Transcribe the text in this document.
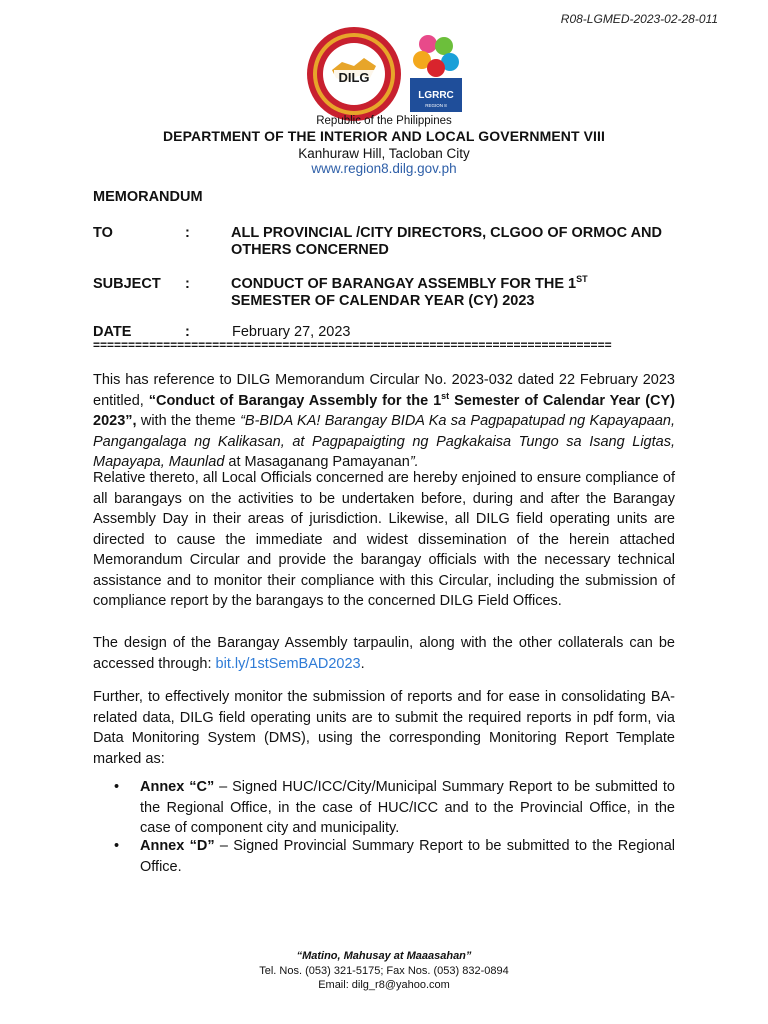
R08-LGMED-2023-02-28-011
DILG
LGRRC
REGION 8
Republic of the Philippines
DEPARTMENT OF THE INTERIOR AND LOCAL GOVERNMENT VIII
Kanhuraw Hill, Tacloban City
www.region8.dilg.gov.ph
MEMORANDUM
TO	:	ALL PROVINCIAL /CITY DIRECTORS, CLGOO OF ORMOC AND OTHERS CONCERNED
SUBJECT	:	CONDUCT OF BARANGAY ASSEMBLY FOR THE 1ST
SEMESTER OF CALENDAR YEAR (CY) 2023
DATE	:	February 27, 2023
==========================================================================
This has reference to DILG Memorandum Circular No. 2023-032 dated 22 February 2023 entitled, “Conduct of Barangay Assembly for the 1st Semester of Calendar Year (CY) 2023”, with the theme “B-BIDA KA! Barangay BIDA Ka sa Pagpapatupad ng Kapayapaan, Pangangalaga ng Kalikasan, at Pagpapaigting ng Pagkakaisa Tungo sa Isang Ligtas, Mapayapa, Maunlad at Masaganang Pamayanan”.
Relative thereto, all Local Officials concerned are hereby enjoined to ensure compliance of all barangays on the activities to be undertaken before, during and after the Barangay Assembly Day in their areas of jurisdiction. Likewise, all DILG field operating units are directed to cause the immediate and widest dissemination of the herein attached Memorandum Circular and provide the barangay officials with the necessary technical assistance and to monitor their compliance with this Circular, including the submission of compliance report by the barangays to the concerned DILG Field Offices.
The design of the Barangay Assembly tarpaulin, along with the other collaterals can be accessed through: bit.ly/1stSemBAD2023.
Further, to effectively monitor the submission of reports and for ease in consolidating BA-related data, DILG field operating units are to submit the required reports in pdf form, via Data Monitoring System (DMS), using the corresponding Monitoring Report Template marked as:
• Annex “C” – Signed HUC/ICC/City/Municipal Summary Report to be submitted to the Regional Office, in the case of HUC/ICC and to the Provincial Office, in the case of component city and municipality.
• Annex “D” – Signed Provincial Summary Report to be submitted to the Regional Office.
“Matino, Mahusay at Maaasahan”
Tel. Nos. (053) 321-5175; Fax Nos. (053) 832-0894
Email: dilg_r8@yahoo.com
